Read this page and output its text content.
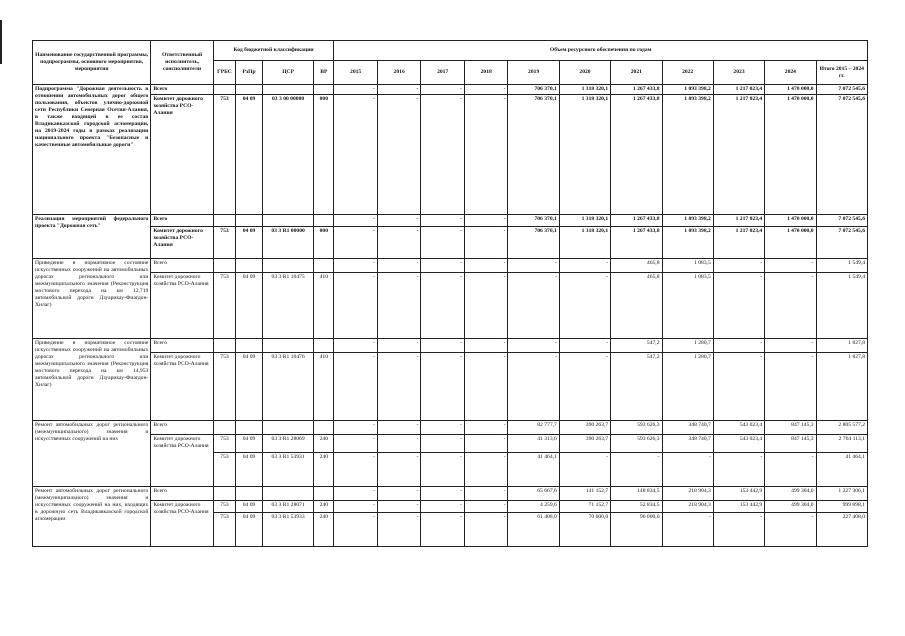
Наименование государственной программы, подпрограммы, основного мероприятия, мероприятия	Ответственный исполнитель, соисполнители	Код бюджетной классификации				Объем ресурсного обеспечения по годам										
		ГРБС	РзПр	ЦСР	ВР	2015	2016	2017	2018	2019	2020	2021	2022	2023	2024	Итого 2015 – 2024 гг.
Подпрограмма "Дорожная деятельность в отношении автомобильных дорог общего пользования, объектов улично-дорожной сети Республики Северная Осетия-Алания, в также входящей в ее состав Владикавказской городской агломерации, на 2019-2024 годы в рамках реализации национального проекта "Безопасные и качественные автомобильные дороги"	Всего					-	-	-	-	706 370,1	1 318 320,1	1 267 433,8	1 093 398,2	1 217 023,4	1 470 000,0	7 072 545,6
	Комитет дорожного хозяйства РСО-Алания	753	04 09	03 3 00 00000	000	-	-	-	-	706 370,1	1 318 320,1	1 267 433,8	1 093 398,2	1 217 023,4	1 470 000,0	7 072 545,6
Реализация мероприятий федерального проекта "Дорожная сеть"	Всего					-	-	-	-	706 370,1	1 318 320,1	1 267 433,8	1 093 398,2	1 217 023,4	1 470 000,0	7 072 545,6
	Комитет дорожного хозяйства РСО-Алания	753	04 09	03 3 R1 00000	000	-	-	-	-	706 370,1	1 318 320,1	1 267 433,8	1 093 398,2	1 217 023,4	1 470 000,0	7 072 545,6
Приведение в нормативное состояние искусственных сооружений на автомобильных дорогах регионального или межмуниципального значения (Реконструкция мостового перехода на км 12,719 автомобильной дороги Дзуарикау-Фиагдон-Хилаг)	Всего					-	-	-	-	-	-	465,8	1 083,5	-	-	1 549,4
	Комитет дорожного хозяйства РСО-Алания	753	04 09	03 3 R1 10475	410	-	-	-	-	-	-	465,8	1 083,5	-	-	1 549,4
Приведение в нормативное состояние искусственных сооружений на автомобильных дорогах регионального или межмуниципального значения (Реконструкция мостового перехода на км 14,953 автомобильной дороги Дзуарикау-Фиагдон-Хилаг)	Всего					-	-	-	-	-	-	547,2	1 280,7	-	-	1 827,8
	Комитет дорожного хозяйства РСО-Алания	753	04 09	03 3 R1 10476	410	-	-	-	-	-	-	547,2	1 280,7	-	-	1 827,8
Ремонт автомобильных дорог регионального (межмуниципального) значения и искусственных сооружений на них	Всего					-	-	-	-	82 777,7	390 263,7	593 626,3	348 740,7	543 023,4	847 145,3	2 805 577,2
	Комитет дорожного хозяйства РСО-Алания	753	04 09	03 3 R1 28069	240	-	-	-	-	41 313,6	390 263,7	593 626,3	348 740,7	543 023,4	847 145,3	2 764 113,1
		753	04 09	03 3 R1 53931	240	-	-	-	-	41 464,1	-	-	-	-	-	41 464,1
Ремонт автомобильных дорог регионального (межмуниципального) значения и искусственных сооружений на них, входящих в дорожную сеть Владикавказской городской агломерации	Всего					-	-	-	-	65 667,6	141 152,7	148 834,5	218 904,3	153 442,9	499 304,0	1 227 306,1
	Комитет дорожного хозяйства РСО-Алания	753	04 09	03 3 R1 28071	240	-	-	-	-	4 259,6	71 152,7	52 834,5	218 904,3	153 442,9	499 304,0	999 898,1
		753	04 09	03 3 R1 53933	240	-	-	-	-	61 408,0	70 000,0	96 000,0	-	-	-	227 408,0
